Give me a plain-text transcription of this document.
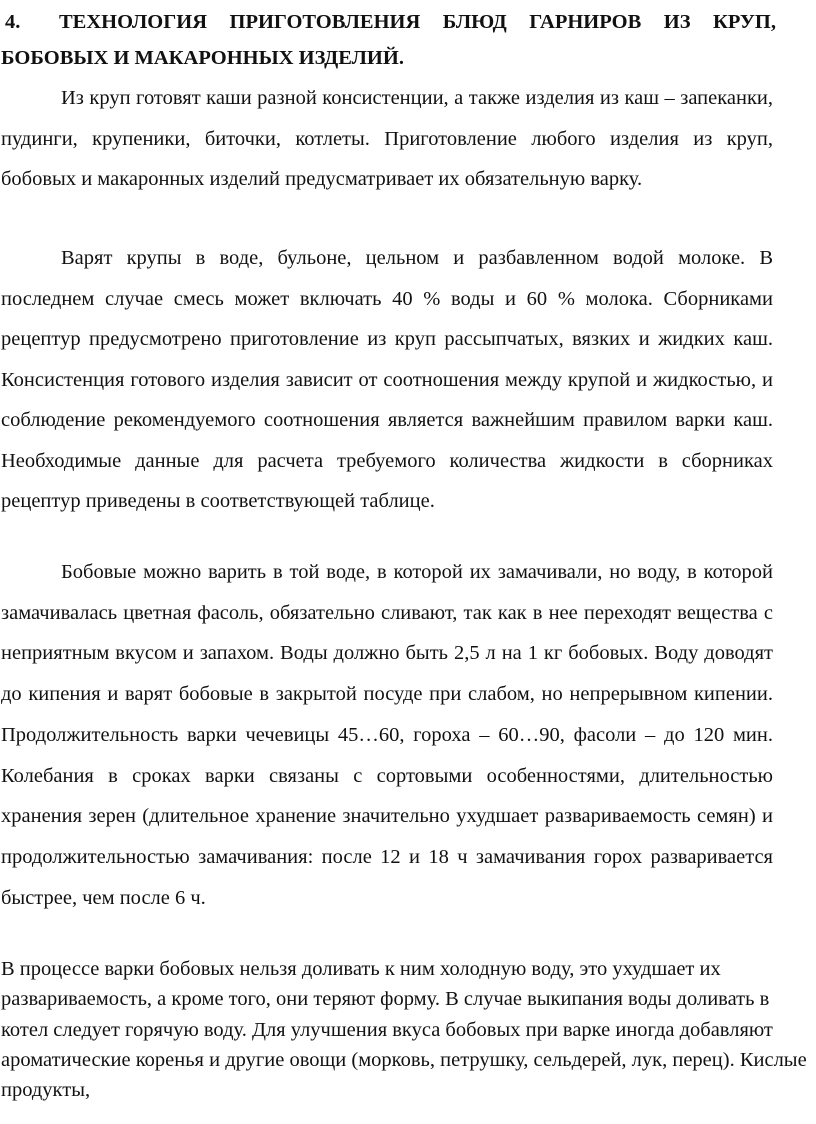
4. ТЕХНОЛОГИЯ ПРИГОТОВЛЕНИЯ БЛЮД ГАРНИРОВ ИЗ КРУП, БОБОВЫХ И МАКАРОННЫХ ИЗДЕЛИЙ.

Из круп готовят каши разной консистенции, а также изделия из каш – запеканки, пудинги, крупеники, биточки, котлеты. Приготовление любого изделия из круп, бобовых и макаронных изделий предусматривает их обязательную варку.

Варят крупы в воде, бульоне, цельном и разбавленном водой молоке. В последнем случае смесь может включать 40 % воды и 60 % молока. Сборниками рецептур предусмотрено приготовление из круп рассыпчатых, вязких и жидких каш. Консистенция готового изделия зависит от соотношения между крупой и жидкостью, и соблюдение рекомендуемого соотношения является важнейшим правилом варки каш. Необходимые данные для расчета требуемого количества жидкости в сборниках рецептур приведены в соответствующей таблице.

Бобовые можно варить в той воде, в которой их замачивали, но воду, в которой замачивалась цветная фасоль, обязательно сливают, так как в нее переходят вещества с неприятным вкусом и запахом. Воды должно быть 2,5 л на 1 кг бобовых. Воду доводят до кипения и варят бобовые в закрытой посуде при слабом, но непрерывном кипении. Продолжительность варки чечевицы 45…60, гороха – 60…90, фасоли – до 120 мин. Колебания в сроках варки связаны с сортовыми особенностями, длительностью хранения зерен (длительное хранение значительно ухудшает развариваемость семян) и продолжительностью замачивания: после 12 и 18 ч замачивания горох разваривается быстрее, чем после 6 ч.

В процессе варки бобовых нельзя доливать к ним холодную воду, это ухудшает их развариваемость, а кроме того, они теряют форму. В случае выкипания воды доливать в котел следует горячую воду. Для улучшения вкуса бобовых при варке иногда добавляют ароматические коренья и другие овощи (морковь, петрушку, сельдерей, лук, перец). Кислые продукты,
